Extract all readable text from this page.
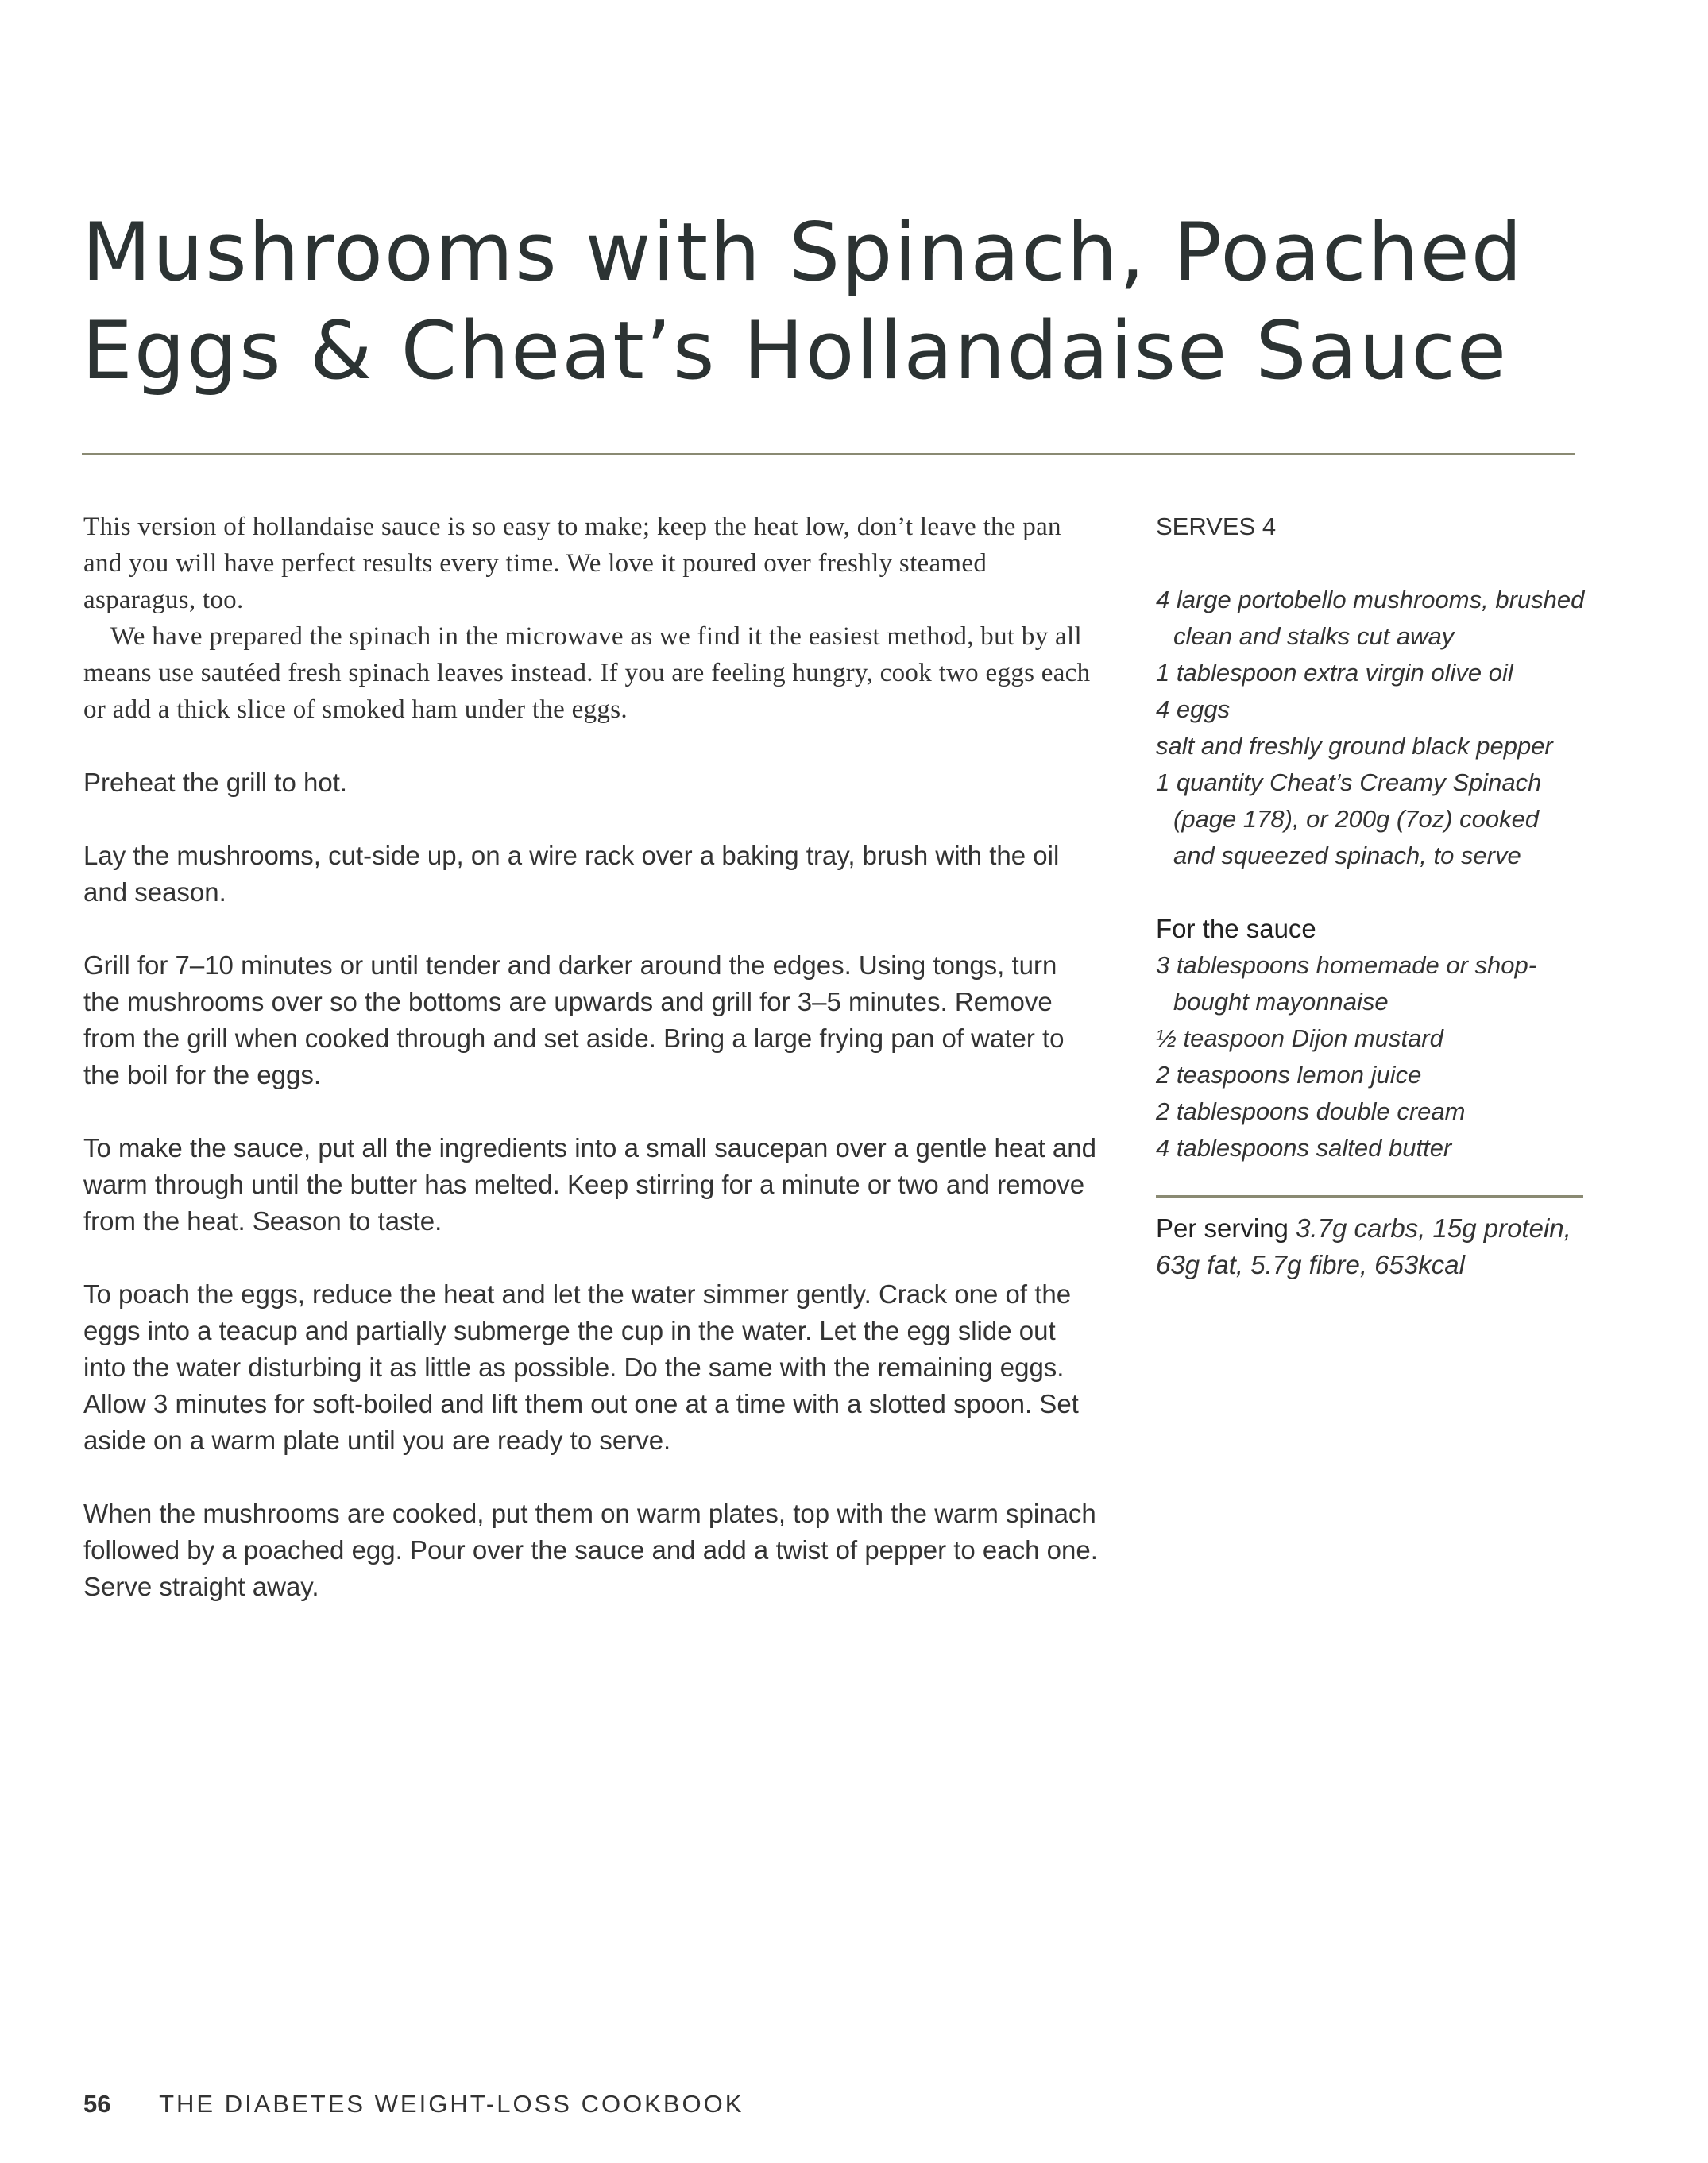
Mushrooms with Spinach, Poached Eggs & Cheat’s Hollandaise Sauce

This version of hollandaise sauce is so easy to make; keep the heat low, don’t leave the pan and you will have perfect results every time. We love it poured over freshly steamed asparagus, too.

We have prepared the spinach in the microwave as we find it the easiest method, but by all means use sautéed fresh spinach leaves instead. If you are feeling hungry, cook two eggs each or add a thick slice of smoked ham under the eggs.

Preheat the grill to hot.

Lay the mushrooms, cut-side up, on a wire rack over a baking tray, brush with the oil and season.

Grill for 7–10 minutes or until tender and darker around the edges. Using tongs, turn the mushrooms over so the bottoms are upwards and grill for 3–5 minutes. Remove from the grill when cooked through and set aside. Bring a large frying pan of water to the boil for the eggs.

To make the sauce, put all the ingredients into a small saucepan over a gentle heat and warm through until the butter has melted. Keep stirring for a minute or two and remove from the heat. Season to taste.

To poach the eggs, reduce the heat and let the water simmer gently. Crack one of the eggs into a teacup and partially submerge the cup in the water. Let the egg slide out into the water disturbing it as little as possible. Do the same with the remaining eggs. Allow 3 minutes for soft-boiled and lift them out one at a time with a slotted spoon. Set aside on a warm plate until you are ready to serve.

When the mushrooms are cooked, put them on warm plates, top with the warm spinach followed by a poached egg. Pour over the sauce and add a twist of pepper to each one. Serve straight away.

SERVES 4
4 large portobello mushrooms, brushed clean and stalks cut away
1 tablespoon extra virgin olive oil
4 eggs
salt and freshly ground black pepper
1 quantity Cheat’s Creamy Spinach (page 178), or 200g (7oz) cooked and squeezed spinach, to serve
For the sauce
3 tablespoons homemade or shop-bought mayonnaise
½ teaspoon Dijon mustard
2 teaspoons lemon juice
2 tablespoons double cream
4 tablespoons salted butter
Per serving 3.7g carbs, 15g protein, 63g fat, 5.7g fibre, 653kcal
56 THE DIABETES WEIGHT-LOSS COOKBOOK
